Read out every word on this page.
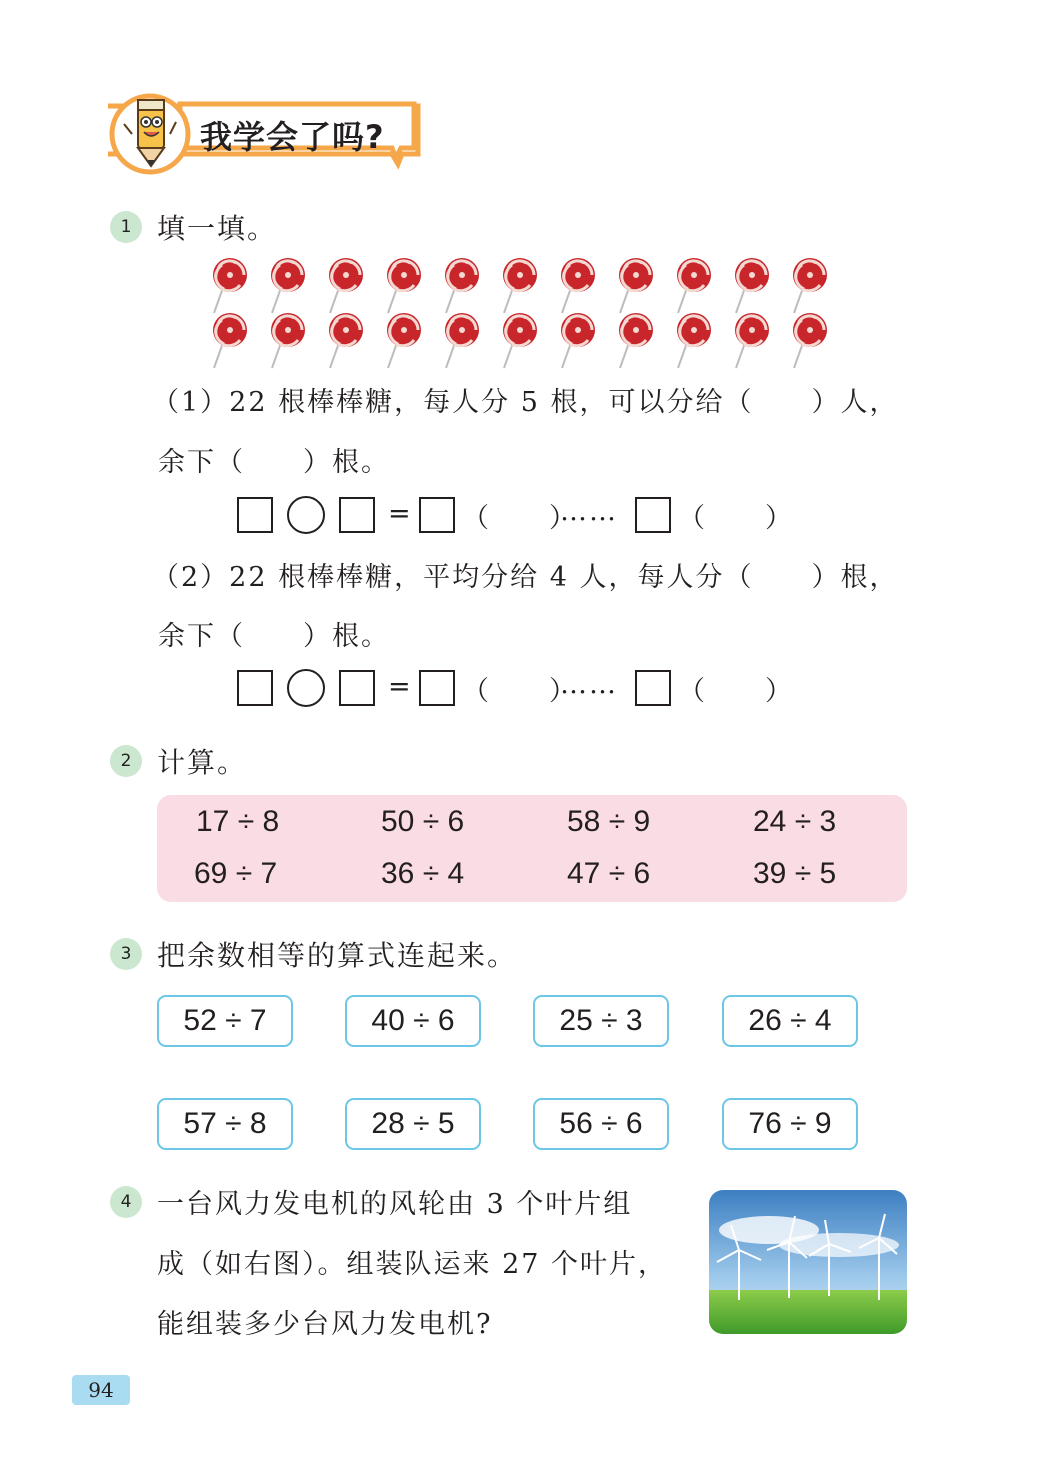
我学会了吗?
1 填一填。
（1）22 根棒棒糖，每人分 5 根，可以分给（　　）人，
余下（　　）根。
= （　　）
…… （　　）
（2）22 根棒棒糖，平均分给 4 人，每人分（　　）根，
余下（　　）根。
= （　　）
…… （　　）
2 计算。
17 ÷ 8	50 ÷ 6	58 ÷ 9	24 ÷ 3
69 ÷ 7	36 ÷ 4	47 ÷ 6	39 ÷ 5
3 把余数相等的算式连起来。
52 ÷ 7	40 ÷ 6	25 ÷ 3	26 ÷ 4
57 ÷ 8	28 ÷ 5	56 ÷ 6	76 ÷ 9
4 一台风力发电机的风轮由 3 个叶片组
成（如右图）。组装队运来 27 个叶片，
能组装多少台风力发电机?
94
